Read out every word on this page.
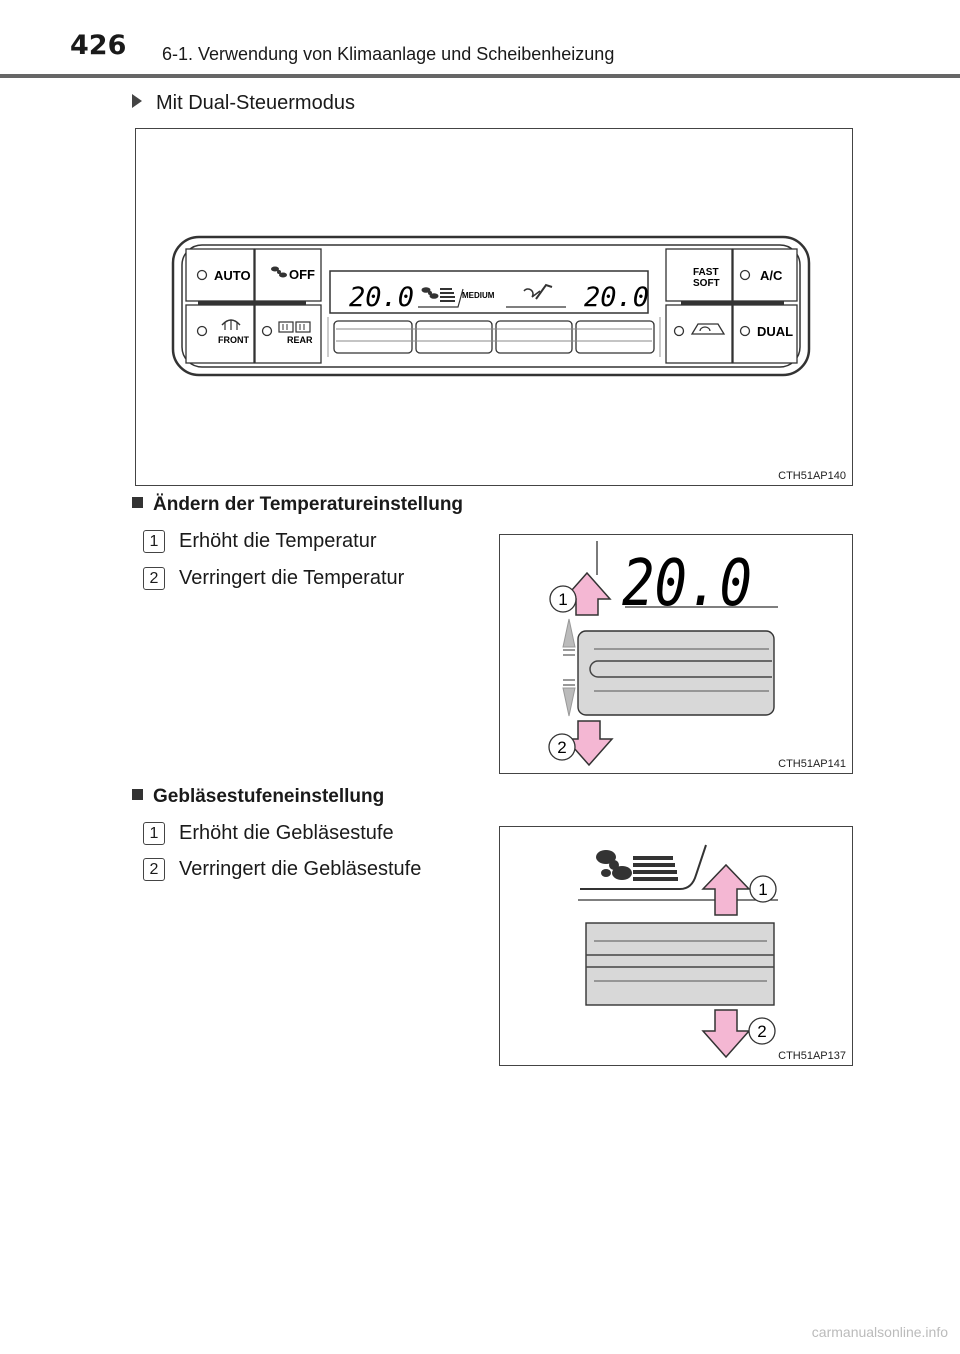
426 6-1. Verwendung von Klimaanlage und Scheibenheizung
Mit Dual-Steuermodus
AUTO	OFF
FRONT	REAR
20.0	MEDIUM	20.0
FAST
SOFT
A/C
DUAL
CTH51AP140
Ändern der Temperatureinstellung
1 Erhöht die Temperatur
2 Verringert die Temperatur	20.0
1
2
CTH51AP141
Gebläsestufeneinstellung
1 Erhöht die Gebläsestufe
2 Verringert die Gebläsestufe
1
2
CTH51AP137
carmanualsonline.info
